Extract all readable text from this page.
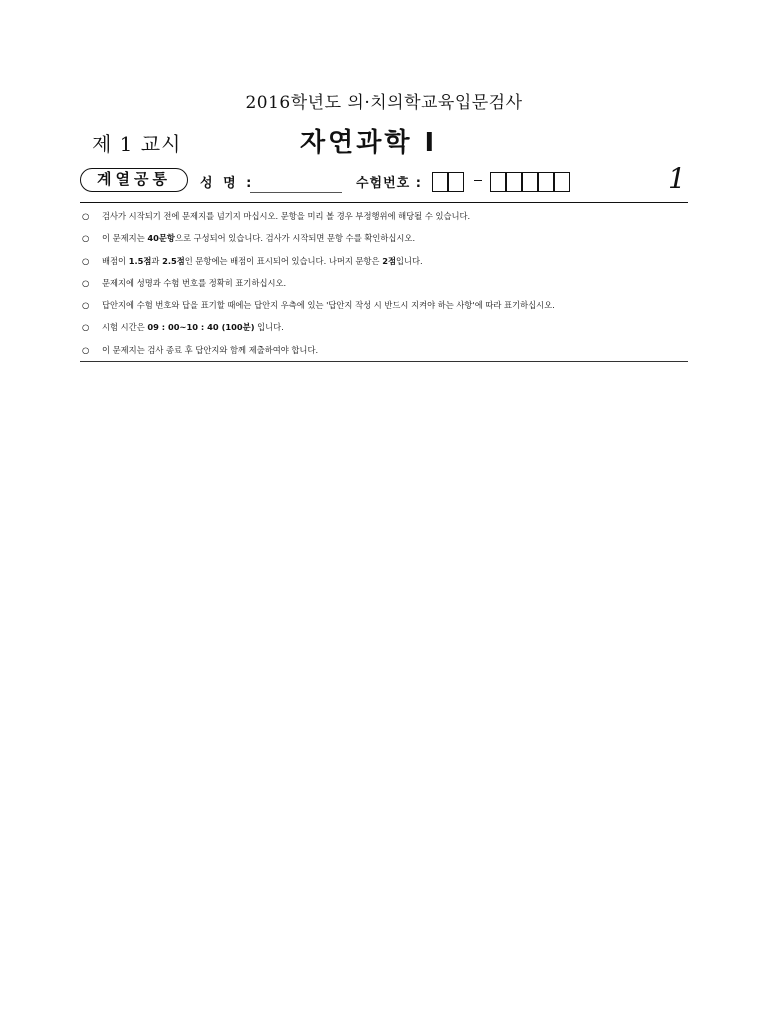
2016학년도 의·치의학교육입문검사
제 1 교시	자연과학 Ⅰ
계열공통	성 명 :	수험번호 :	1
○ 검사가 시작되기 전에 문제지를 넘기지 마십시오. 문항을 미리 볼 경우 부정행위에 해당될 수 있습니다.
○ 이 문제지는 40문항으로 구성되어 있습니다. 검사가 시작되면 문항 수를 확인하십시오.
○ 배점이 1.5점과 2.5점인 문항에는 배점이 표시되어 있습니다. 나머지 문항은 2점입니다.
○ 문제지에 성명과 수험 번호를 정확히 표기하십시오.
○ 답안지에 수험 번호와 답을 표기할 때에는 답안지 우측에 있는 '답안지 작성 시 반드시 지켜야 하는 사항'에 따라 표기하십시오.
○ 시험 시간은 09 : 00∼10 : 40 (100분) 입니다.
○ 이 문제지는 검사 종료 후 답안지와 함께 제출하여야 합니다.
